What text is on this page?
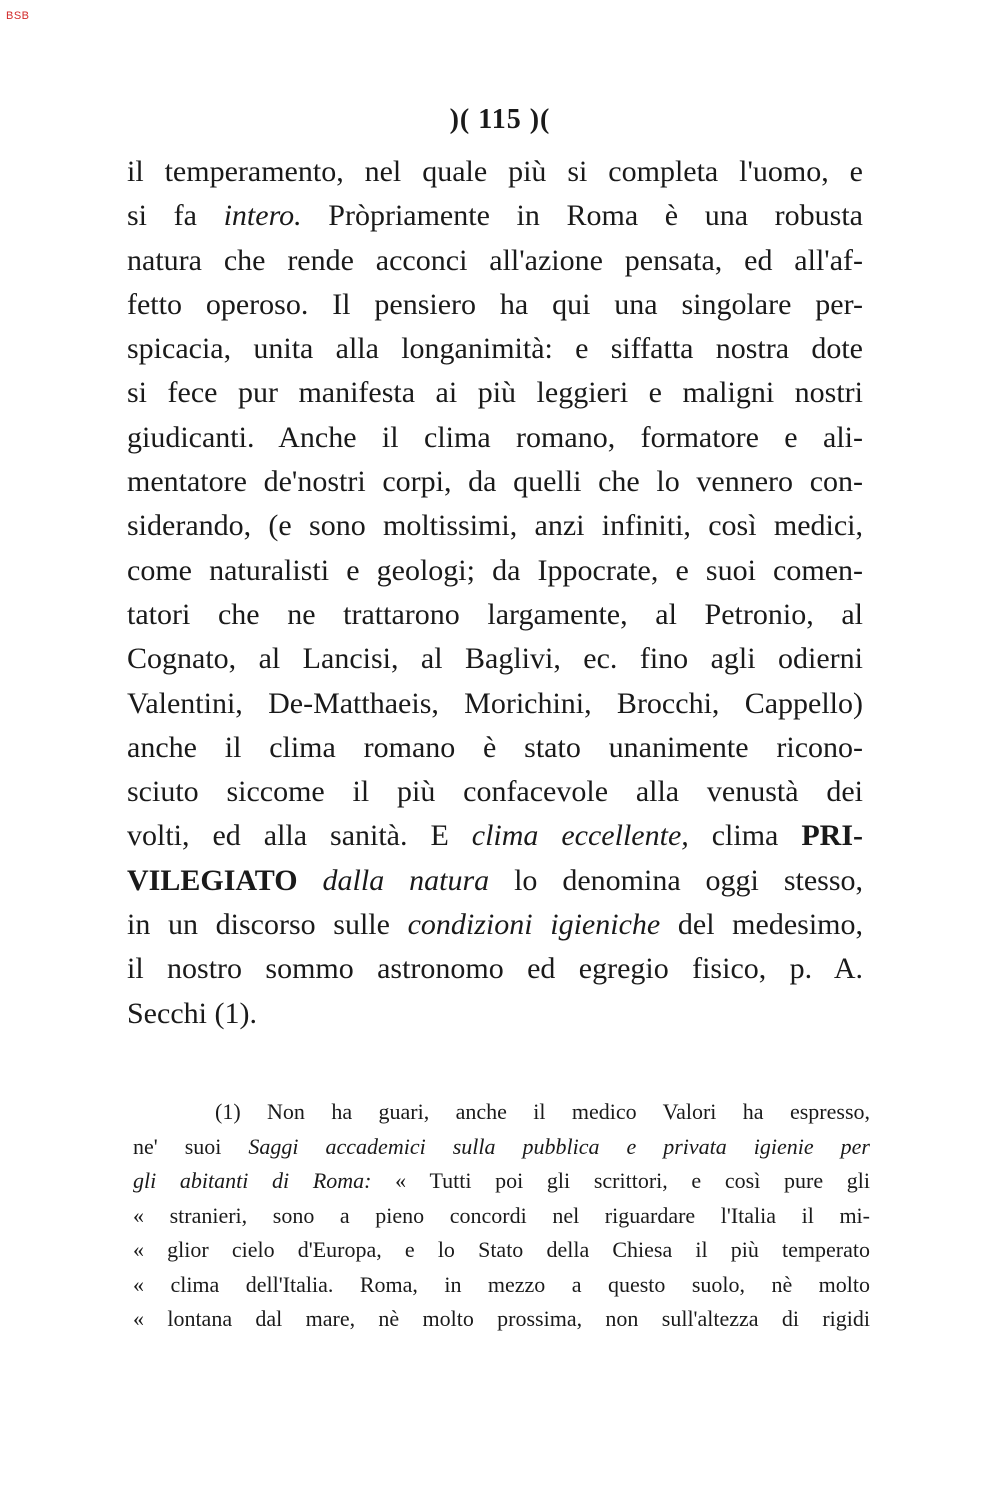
BSB
)( 115 )(
il temperamento, nel quale più si completa l'uomo, e
si fa intero. Pròpriamente in Roma è una robusta
natura che rende acconci all'azione pensata, ed all'af-
fetto operoso. Il pensiero ha qui una singolare per-
spicacia, unita alla longanimità: e siffatta nostra dote
si fece pur manifesta ai più leggieri e maligni nostri
giudicanti. Anche il clima romano, formatore e ali-
mentatore de'nostri corpi, da quelli che lo vennero con-
siderando, (e sono moltissimi, anzi infiniti, così medici,
come naturalisti e geologi; da Ippocrate, e suoi comen-
tatori che ne trattarono largamente, al Petronio, al
Cognato, al Lancisi, al Baglivi, ec. fino agli odierni
Valentini, De-Matthaeis, Morichini, Brocchi, Cappello)
anche il clima romano è stato unanimente ricono-
sciuto siccome il più confacevole alla venustà dei
volti, ed alla sanità. E clima eccellente, clima PRI-
VILEGIATO dalla natura lo denomina oggi stesso,
in un discorso sulle condizioni igieniche del medesimo,
il nostro sommo astronomo ed egregio fisico, p. A.
Secchi (1).
(1) Non ha guari, anche il medico Valori ha espresso,
ne' suoi Saggi accademici sulla pubblica e privata igienie per
gli abitanti di Roma: « Tutti poi gli scrittori, e così pure gli
« stranieri, sono a pieno concordi nel riguardare l'Italia il mi-
« glior cielo d'Europa, e lo Stato della Chiesa il più temperato
« clima dell'Italia. Roma, in mezzo a questo suolo, nè molto
« lontana dal mare, nè molto prossima, non sull'altezza di rigidi
